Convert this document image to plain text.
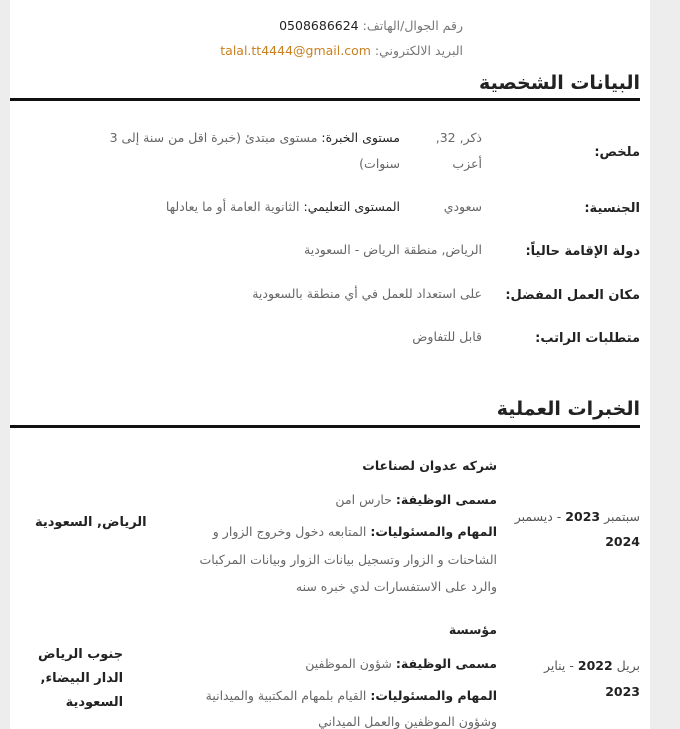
رقم الجوال/الهاتف: 0508686624
البريد الالكتروني: talal.tt4444@gmail.com
البيانات الشخصية
ملخص:
ذكر, 32,
أعزب
مستوى الخبرة: مستوى مبتدئ (خبرة اقل من سنة إلى 3
سنوات)
الجنسية:
سعودي
المستوى التعليمي: الثانوية العامة أو ما يعادلها
دولة الإقامة حالياً:
الرياض, منطقة الرياض - السعودية
مكان العمل المفضل:
على استعداد للعمل في أي منطقة بالسعودية
متطلبات الراتب:
قابل للتفاوض
الخبرات العملية
شركه عدوان لصناعات
مسمى الوظيفة: حارس امن
المهام والمسئوليات: المتابعه دخول وخروج الزوار و
الشاحنات و الزوار وتسجيل بيانات الزوار وبيانات المركبات
والرد على الاستفسارات لدي خبره سنه
الرياض, السعودية	سبتمبر 2023 - ديسمبر
2024
مؤسسة
مسمى الوظيفة: شؤون الموظفين
المهام والمسئوليات: القيام بلمهام المكتبية والميدانية
وشؤون الموظفين والعمل الميداني
جنوب الرياض
الدار البيضاء,
السعودية
بريل 2022 - يناير
2023
